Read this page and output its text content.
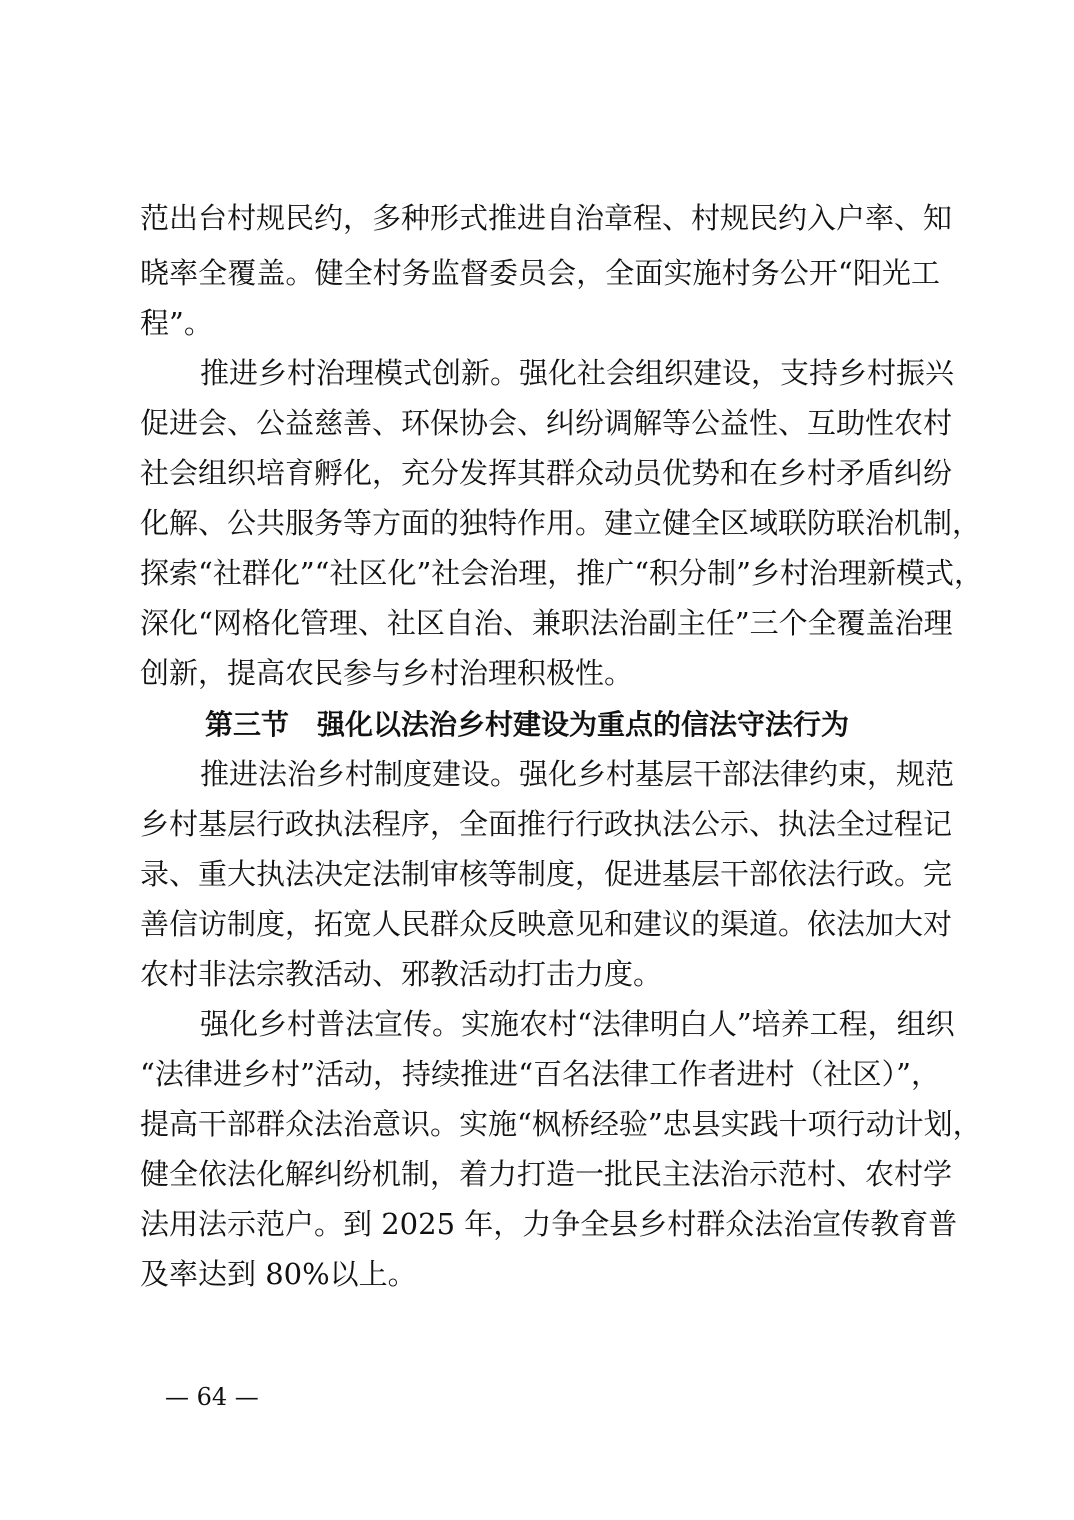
范出台村规民约，多种形式推进自治章程、村规民约入户率、知
晓率全覆盖。健全村务监督委员会，全面实施村务公开“阳光工
程”。
推进乡村治理模式创新。强化社会组织建设，支持乡村振兴
促进会、公益慈善、环保协会、纠纷调解等公益性、互助性农村
社会组织培育孵化，充分发挥其群众动员优势和在乡村矛盾纠纷
化解、公共服务等方面的独特作用。建立健全区域联防联治机制，
探索“社群化”“社区化”社会治理，推广“积分制”乡村治理新模式，
深化“网格化管理、社区自治、兼职法治副主任”三个全覆盖治理
创新，提高农民参与乡村治理积极性。
第三节 强化以法治乡村建设为重点的信法守法行为
推进法治乡村制度建设。强化乡村基层干部法律约束，规范
乡村基层行政执法程序，全面推行行政执法公示、执法全过程记
录、重大执法决定法制审核等制度，促进基层干部依法行政。完
善信访制度，拓宽人民群众反映意见和建议的渠道。依法加大对
农村非法宗教活动、邪教活动打击力度。
强化乡村普法宣传。实施农村“法律明白人”培养工程，组织
“法律进乡村”活动，持续推进“百名法律工作者进村（社区）”，
提高干部群众法治意识。实施“枫桥经验”忠县实践十项行动计划，
健全依法化解纠纷机制，着力打造一批民主法治示范村、农村学
法用法示范户。到 2025 年，力争全县乡村群众法治宣传教育普
及率达到 80%以上。
— 64 —
